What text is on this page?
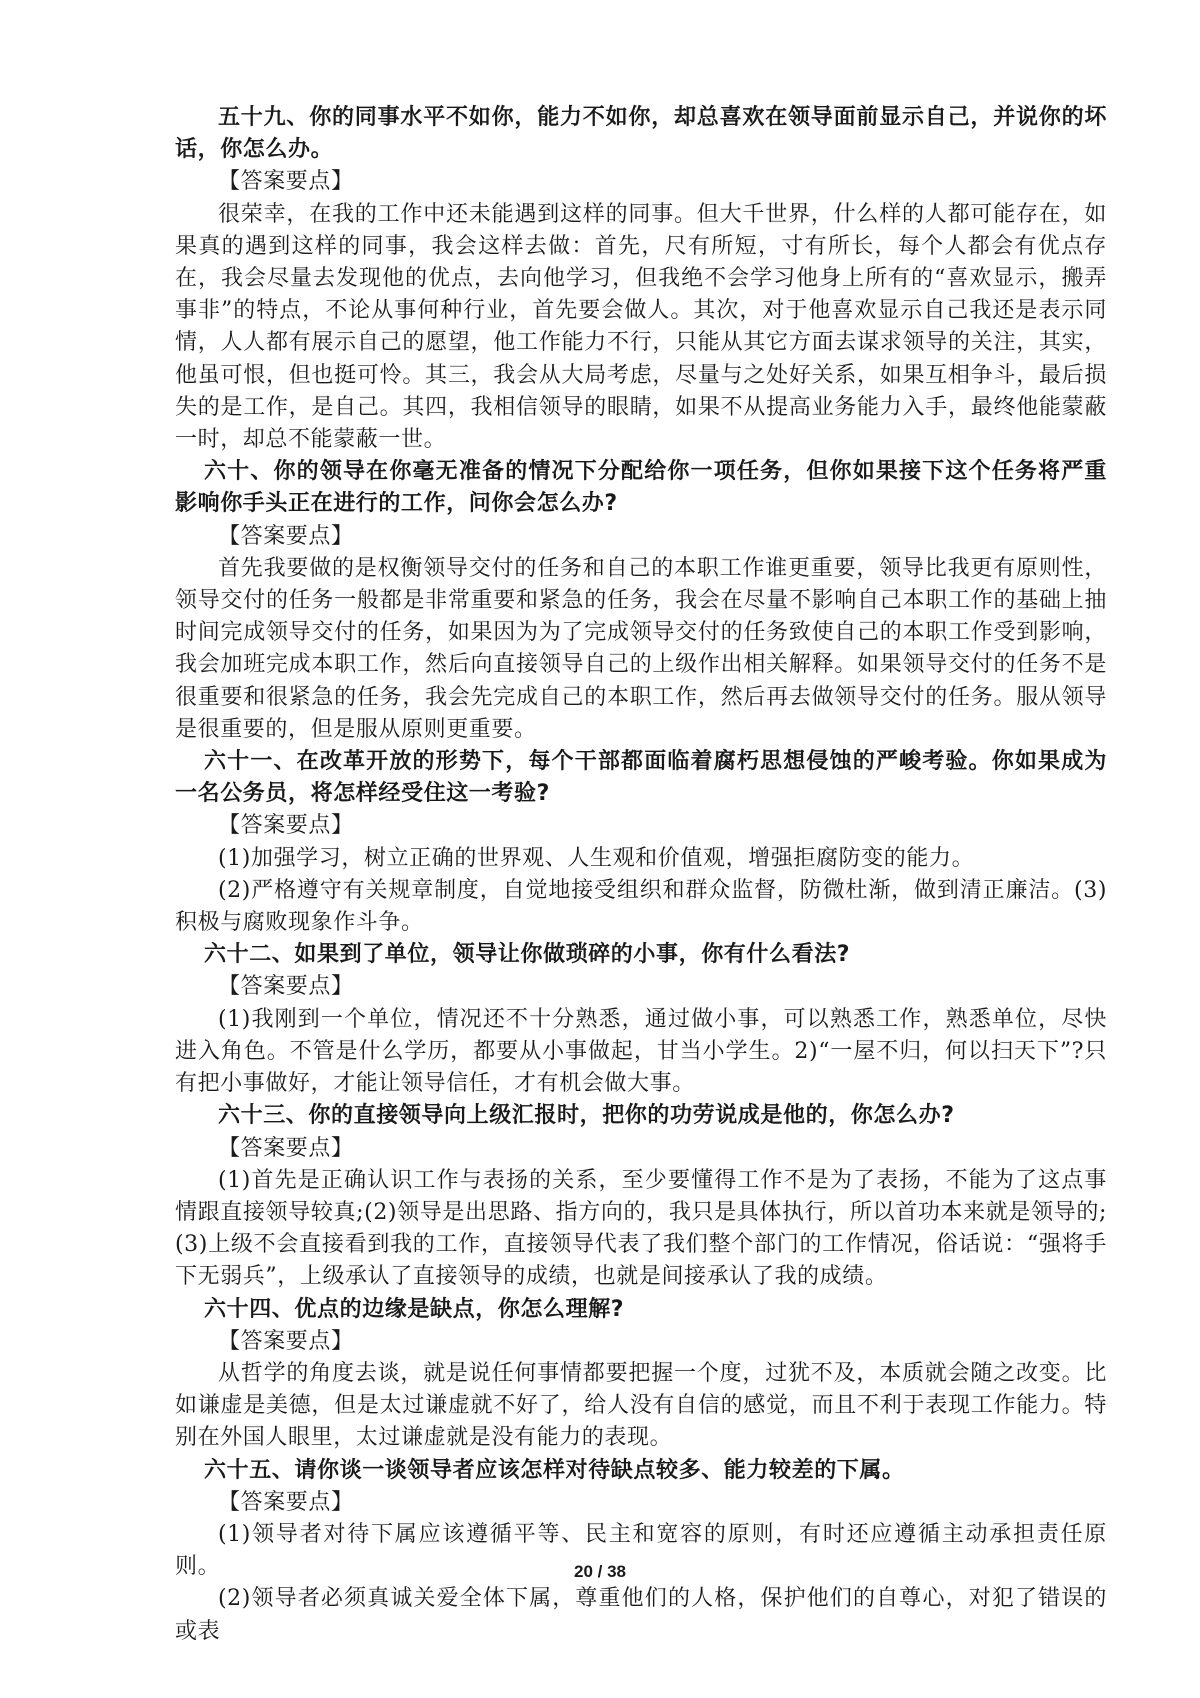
五十九、你的同事水平不如你，能力不如你，却总喜欢在领导面前显示自己，并说你的坏话，你怎么办。

【答案要点】

很荣幸，在我的工作中还未能遇到这样的同事。但大千世界，什么样的人都可能存在，如果真的遇到这样的同事，我会这样去做：首先，尺有所短，寸有所长，每个人都会有优点存在，我会尽量去发现他的优点，去向他学习，但我绝不会学习他身上所有的“喜欢显示，搬弄事非”的特点，不论从事何种行业，首先要会做人。其次，对于他喜欢显示自己我还是表示同情，人人都有展示自己的愿望，他工作能力不行，只能从其它方面去谋求领导的关注，其实，他虽可恨，但也挺可怜。其三，我会从大局考虑，尽量与之处好关系，如果互相争斗，最后损失的是工作，是自己。其四，我相信领导的眼睛，如果不从提高业务能力入手，最终他能蒙蔽一时，却总不能蒙蔽一世。

六十、你的领导在你毫无准备的情况下分配给你一项任务，但你如果接下这个任务将严重影响你手头正在进行的工作，问你会怎么办?

【答案要点】

首先我要做的是权衡领导交付的任务和自己的本职工作谁更重要，领导比我更有原则性，领导交付的任务一般都是非常重要和紧急的任务，我会在尽量不影响自己本职工作的基础上抽时间完成领导交付的任务，如果因为为了完成领导交付的任务致使自己的本职工作受到影响，我会加班完成本职工作，然后向直接领导自己的上级作出相关解释。如果领导交付的任务不是很重要和很紧急的任务，我会先完成自己的本职工作，然后再去做领导交付的任务。服从领导是很重要的，但是服从原则更重要。

六十一、在改革开放的形势下，每个干部都面临着腐朽思想侵蚀的严峻考验。你如果成为一名公务员，将怎样经受住这一考验?

【答案要点】

(1)加强学习，树立正确的世界观、人生观和价值观，增强拒腐防变的能力。

(2)严格遵守有关规章制度，自觉地接受组织和群众监督，防微杜渐，做到清正廉洁。(3)积极与腐败现象作斗争。

六十二、如果到了单位，领导让你做琐碎的小事，你有什么看法?

【答案要点】

(1)我刚到一个单位，情况还不十分熟悉，通过做小事，可以熟悉工作，熟悉单位，尽快进入角色。不管是什么学历，都要从小事做起，甘当小学生。2)“一屋不归，何以扫天下”?只有把小事做好，才能让领导信任，才有机会做大事。

六十三、你的直接领导向上级汇报时，把你的功劳说成是他的，你怎么办?

【答案要点】

(1)首先是正确认识工作与表扬的关系，至少要懂得工作不是为了表扬，不能为了这点事情跟直接领导较真;(2)领导是出思路、指方向的，我只是具体执行，所以首功本来就是领导的;(3)上级不会直接看到我的工作，直接领导代表了我们整个部门的工作情况，俗话说：“强将手下无弱兵”，上级承认了直接领导的成绩，也就是间接承认了我的成绩。

六十四、优点的边缘是缺点，你怎么理解?

【答案要点】

从哲学的角度去谈，就是说任何事情都要把握一个度，过犹不及，本质就会随之改变。比如谦虚是美德，但是太过谦虚就不好了，给人没有自信的感觉，而且不利于表现工作能力。特别在外国人眼里，太过谦虚就是没有能力的表现。

六十五、请你谈一谈领导者应该怎样对待缺点较多、能力较差的下属。

【答案要点】

(1)领导者对待下属应该遵循平等、民主和宽容的原则，有时还应遵循主动承担责任原则。

(2)领导者必须真诚关爱全体下属，尊重他们的人格，保护他们的自尊心，对犯了错误的或表

20 / 38
